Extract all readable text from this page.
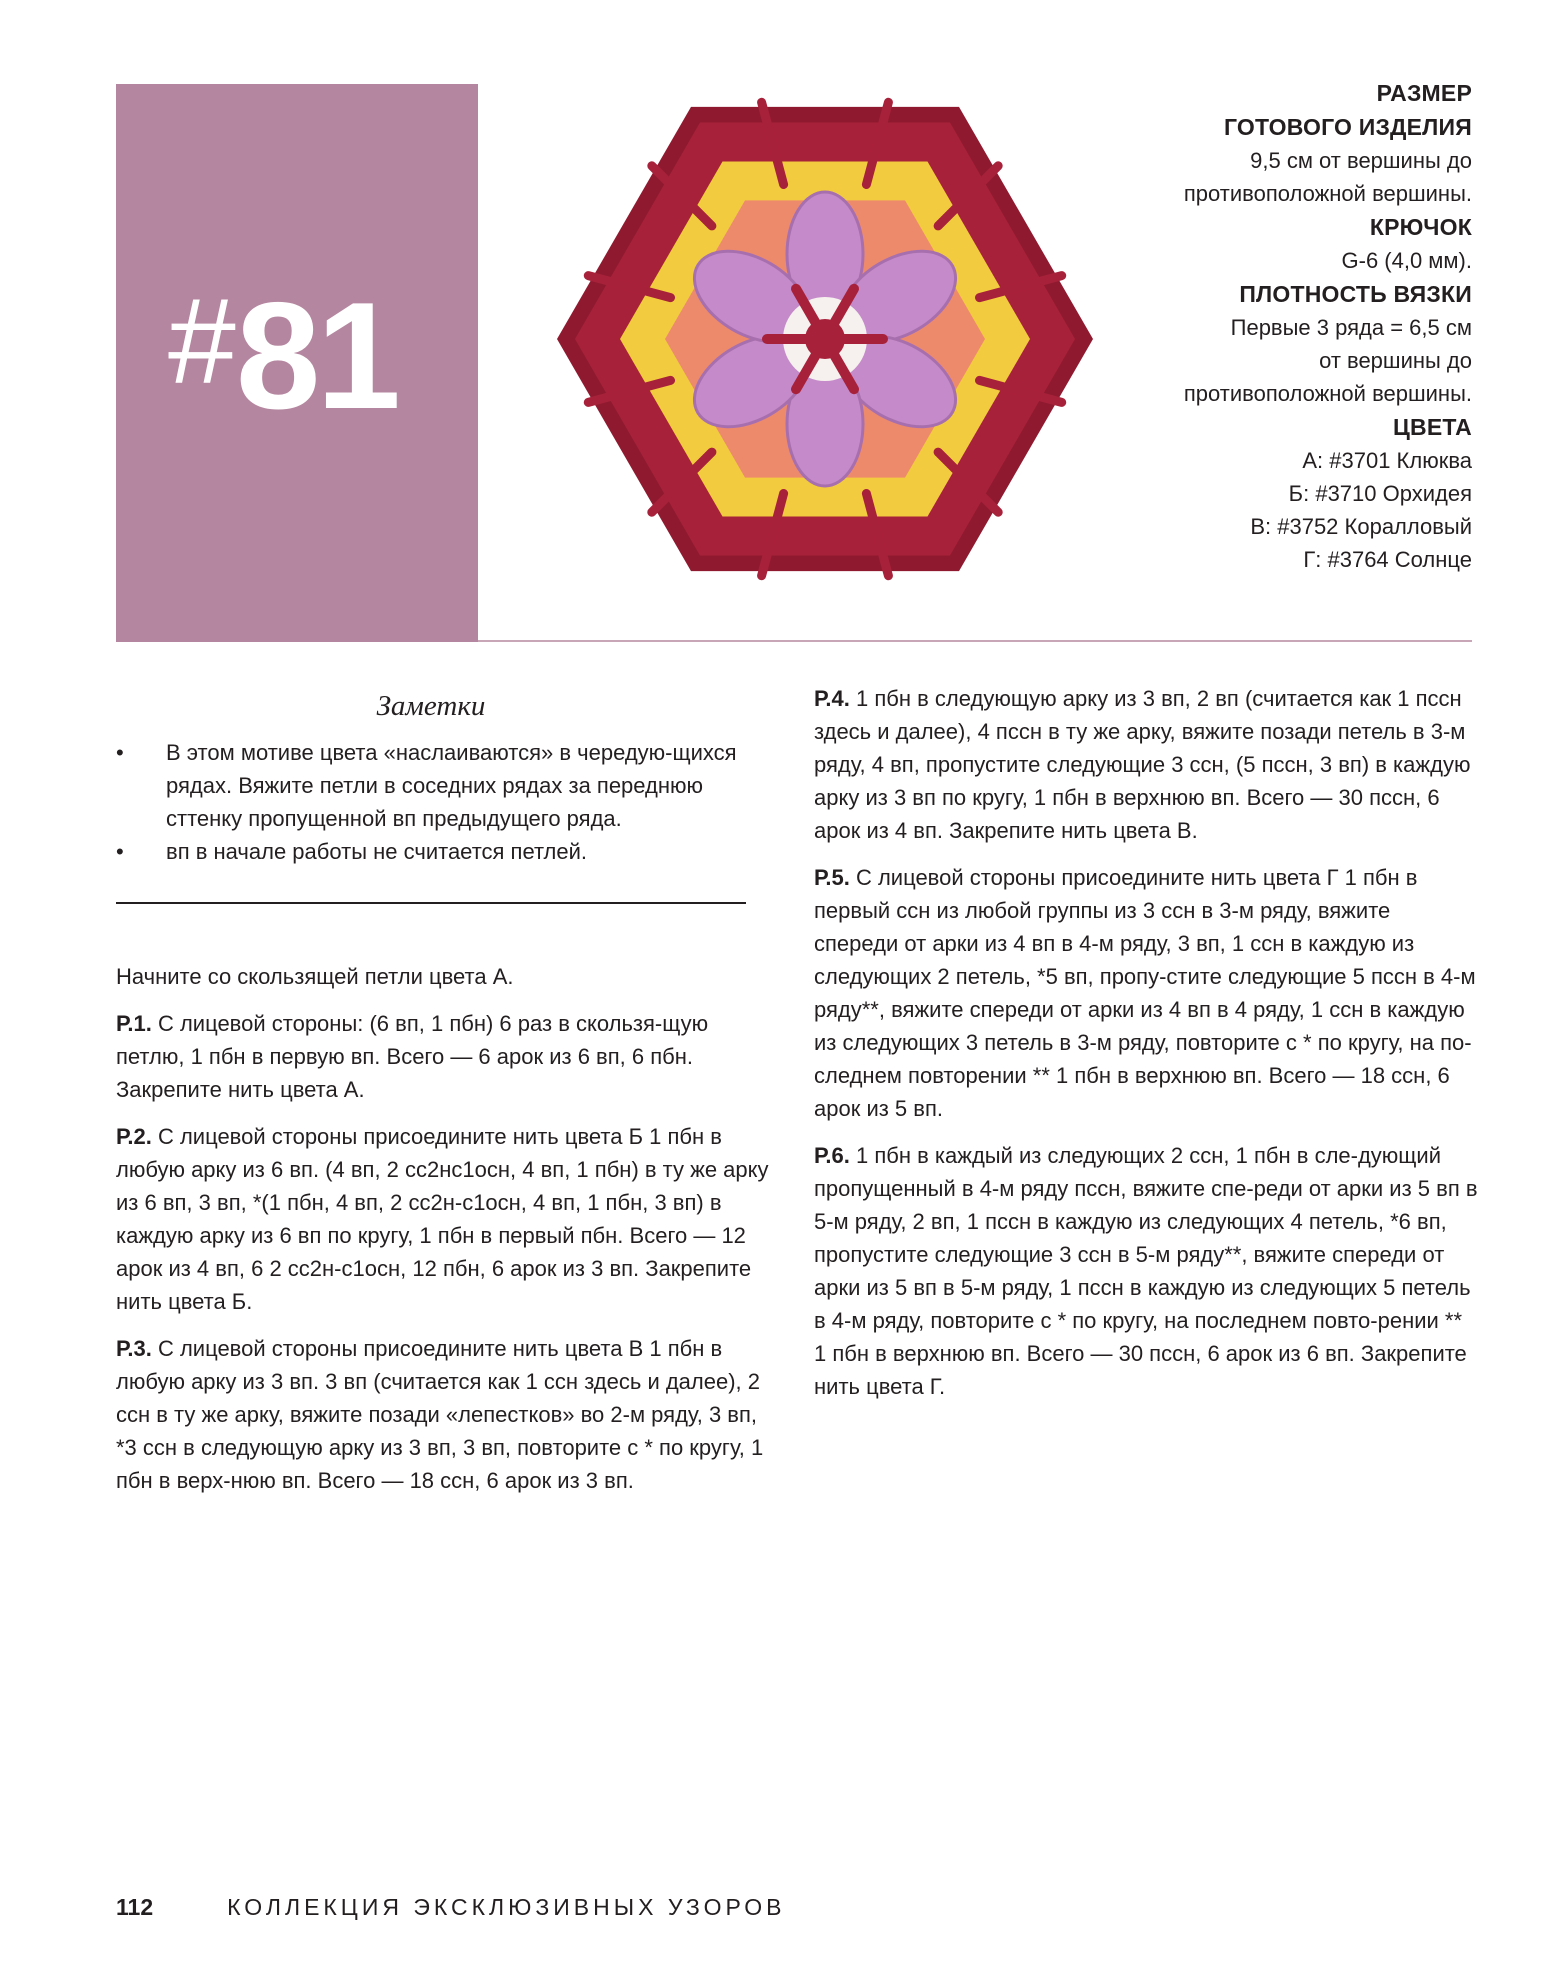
#81
РАЗМЕР
ГОТОВОГО ИЗДЕЛИЯ
9,5 см от вершины до
противоположной вершины.
КРЮЧОК
G-6 (4,0 мм).
ПЛОТНОСТЬ ВЯЗКИ
Первые 3 ряда = 6,5 см
от вершины до
противоположной вершины.
ЦВЕТА
А: #3701 Клюква
Б: #3710 Орхидея
В: #3752 Коралловый
Г: #3764 Солнце
Заметки
• В этом мотиве цвета «наслаиваются» в чередую-щихся рядах. Вяжите петли в соседних рядах за переднюю сттенку пропущенной вп предыдущего ряда.
• вп в начале работы не считается петлей.

Начните со скользящей петли цвета А.

Р.1. С лицевой стороны: (6 вп, 1 пбн) 6 раз в скользя-щую петлю, 1 пбн в первую вп. Всего — 6 арок из 6 вп, 6 пбн. Закрепите нить цвета А.

Р.2. С лицевой стороны присоедините нить цвета Б 1 пбн в любую арку из 6 вп. (4 вп, 2 сс2нс1осн, 4 вп, 1 пбн) в ту же арку из 6 вп, 3 вп, *(1 пбн, 4 вп, 2 сс2н-с1осн, 4 вп, 1 пбн, 3 вп) в каждую арку из 6 вп по кругу, 1 пбн в первый пбн. Всего — 12 арок из 4 вп, 6 2 сс2н-с1осн, 12 пбн, 6 арок из 3 вп. Закрепите нить цвета Б.

Р.3. С лицевой стороны присоедините нить цвета В 1 пбн в любую арку из 3 вп. 3 вп (считается как 1 ссн здесь и далее), 2 ссн в ту же арку, вяжите позади «лепестков» во 2-м ряду, 3 вп, *3 ссн в следующую арку из 3 вп, 3 вп, повторите с * по кругу, 1 пбн в верх-нюю вп. Всего — 18 ссн, 6 арок из 3 вп.

Р.4. 1 пбн в следующую арку из 3 вп, 2 вп (считается как 1 пссн здесь и далее), 4 пссн в ту же арку, вяжите позади петель в 3-м ряду, 4 вп, пропустите следующие 3 ссн, (5 пссн, 3 вп) в каждую арку из 3 вп по кругу, 1 пбн в верхнюю вп. Всего — 30 пссн, 6 арок из 4 вп. Закрепите нить цвета В.

Р.5. С лицевой стороны присоедините нить цвета Г 1 пбн в первый ссн из любой группы из 3 ссн в 3-м ряду, вяжите спереди от арки из 4 вп в 4-м ряду, 3 вп, 1 ссн в каждую из следующих 2 петель, *5 вп, пропу-стите следующие 5 пссн в 4-м ряду**, вяжите спереди от арки из 4 вп в 4 ряду, 1 ссн в каждую из следующих 3 петель в 3-м ряду, повторите с * по кругу, на по-следнем повторении ** 1 пбн в верхнюю вп. Всего — 18 ссн, 6 арок из 5 вп.

Р.6. 1 пбн в каждый из следующих 2 ссн, 1 пбн в сле-дующий пропущенный в 4-м ряду пссн, вяжите спе-реди от арки из 5 вп в 5-м ряду, 2 вп, 1 пссн в каждую из следующих 4 петель, *6 вп, пропустите следующие 3 ссн в 5-м ряду**, вяжите спереди от арки из 5 вп в 5-м ряду, 1 пссн в каждую из следующих 5 петель в 4-м ряду, повторите с * по кругу, на последнем повто-рении ** 1 пбн в верхнюю вп. Всего — 30 пссн, 6 арок из 6 вп. Закрепите нить цвета Г.

112	КОЛЛЕКЦИЯ ЭКСКЛЮЗИВНЫХ УЗОРОВ
